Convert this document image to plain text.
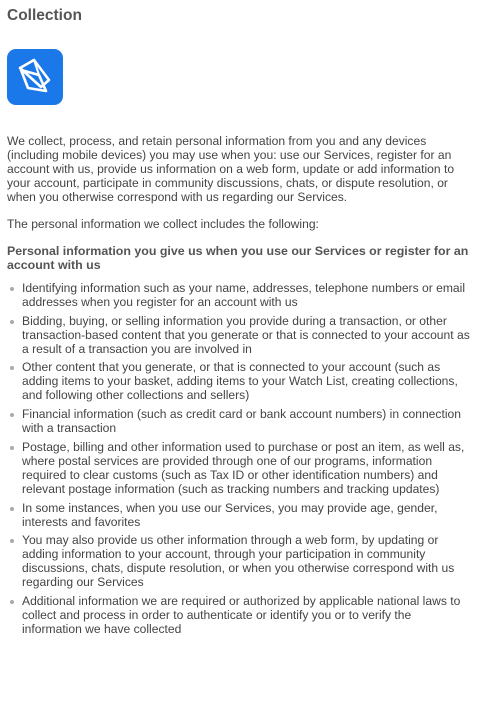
Collection

We collect, process, and retain personal information from you and any devices (including mobile devices) you may use when you: use our Services, register for an account with us, provide us information on a web form, update or add information to your account, participate in community discussions, chats, or dispute resolution, or when you otherwise correspond with us regarding our Services.

The personal information we collect includes the following:

Personal information you give us when you use our Services or register for an account with us
Identifying information such as your name, addresses, telephone numbers or email addresses when you register for an account with us
Bidding, buying, or selling information you provide during a transaction, or other transaction-based content that you generate or that is connected to your account as a result of a transaction you are involved in
Other content that you generate, or that is connected to your account (such as adding items to your basket, adding items to your Watch List, creating collections, and following other collections and sellers)
Financial information (such as credit card or bank account numbers) in connection with a transaction
Postage, billing and other information used to purchase or post an item, as well as, where postal services are provided through one of our programs, information required to clear customs (such as Tax ID or other identification numbers) and relevant postage information (such as tracking numbers and tracking updates)
In some instances, when you use our Services, you may provide age, gender, interests and favorites
You may also provide us other information through a web form, by updating or adding information to your account, through your participation in community discussions, chats, dispute resolution, or when you otherwise correspond with us regarding our Services
Additional information we are required or authorized by applicable national laws to collect and process in order to authenticate or identify you or to verify the information we have collected
